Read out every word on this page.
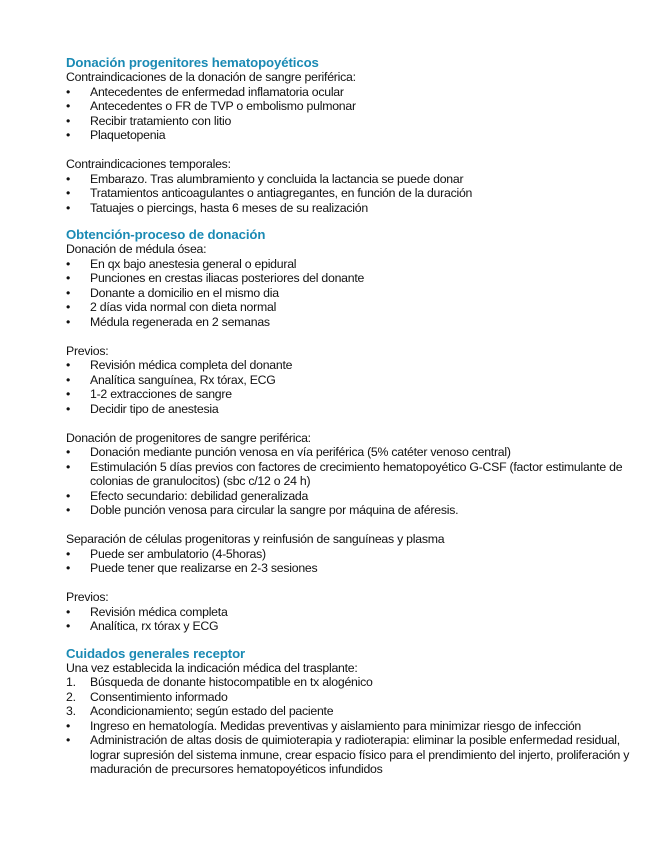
Donación progenitores hematopoyéticos

Contraindicaciones de la donación de sangre periférica:

•	Antecedentes de enfermedad inflamatoria ocular
•	Antecedentes o FR de TVP o embolismo pulmonar
•	Recibir tratamiento con litio
•	Plaquetopenia

Contraindicaciones temporales:

•	Embarazo. Tras alumbramiento y concluida la lactancia se puede donar
•	Tratamientos anticoagulantes o antiagregantes, en función de la duración
•	Tatuajes o piercings, hasta 6 meses de su realización
Obtención-proceso de donación

Donación de médula ósea:

•	En qx bajo anestesia general o epidural
•	Punciones en crestas iliacas posteriores del donante
•	Donante a domicilio en el mismo dia
•	2 días vida normal con dieta normal
•	Médula regenerada en 2 semanas

Previos:

•	Revisión médica completa del donante
•	Analítica sanguínea, Rx tórax, ECG
•	1-2 extracciones de sangre
•	Decidir tipo de anestesia

Donación de progenitores de sangre periférica:

•	Donación mediante punción venosa en vía periférica (5% catéter venoso central)
•	Estimulación 5 días previos con factores de crecimiento hematopoyético G-CSF (factor estimulante de colonias de granulocitos) (sbc c/12 o 24 h)
•	Efecto secundario: debilidad generalizada
•	Doble punción venosa para circular la sangre por máquina de aféresis.

Separación de células progenitoras y reinfusión de sanguíneas y plasma

•	Puede ser ambulatorio (4-5horas)
•	Puede tener que realizarse en 2-3 sesiones

Previos:

•	Revisión médica completa
•	Analítica, rx tórax y ECG
Cuidados generales receptor

Una vez establecida la indicación médica del trasplante:

1.	Búsqueda de donante histocompatible en tx alogénico
2.	Consentimiento informado
3.	Acondicionamiento; según estado del paciente
•	Ingreso en hematología. Medidas preventivas y aislamiento para minimizar riesgo de infección
•	Administración de altas dosis de quimioterapia y radioterapia: eliminar la posible enfermedad residual, lograr supresión del sistema inmune, crear espacio físico para el prendimiento del injerto, proliferación y maduración de precursores hematopoyéticos infundidos
